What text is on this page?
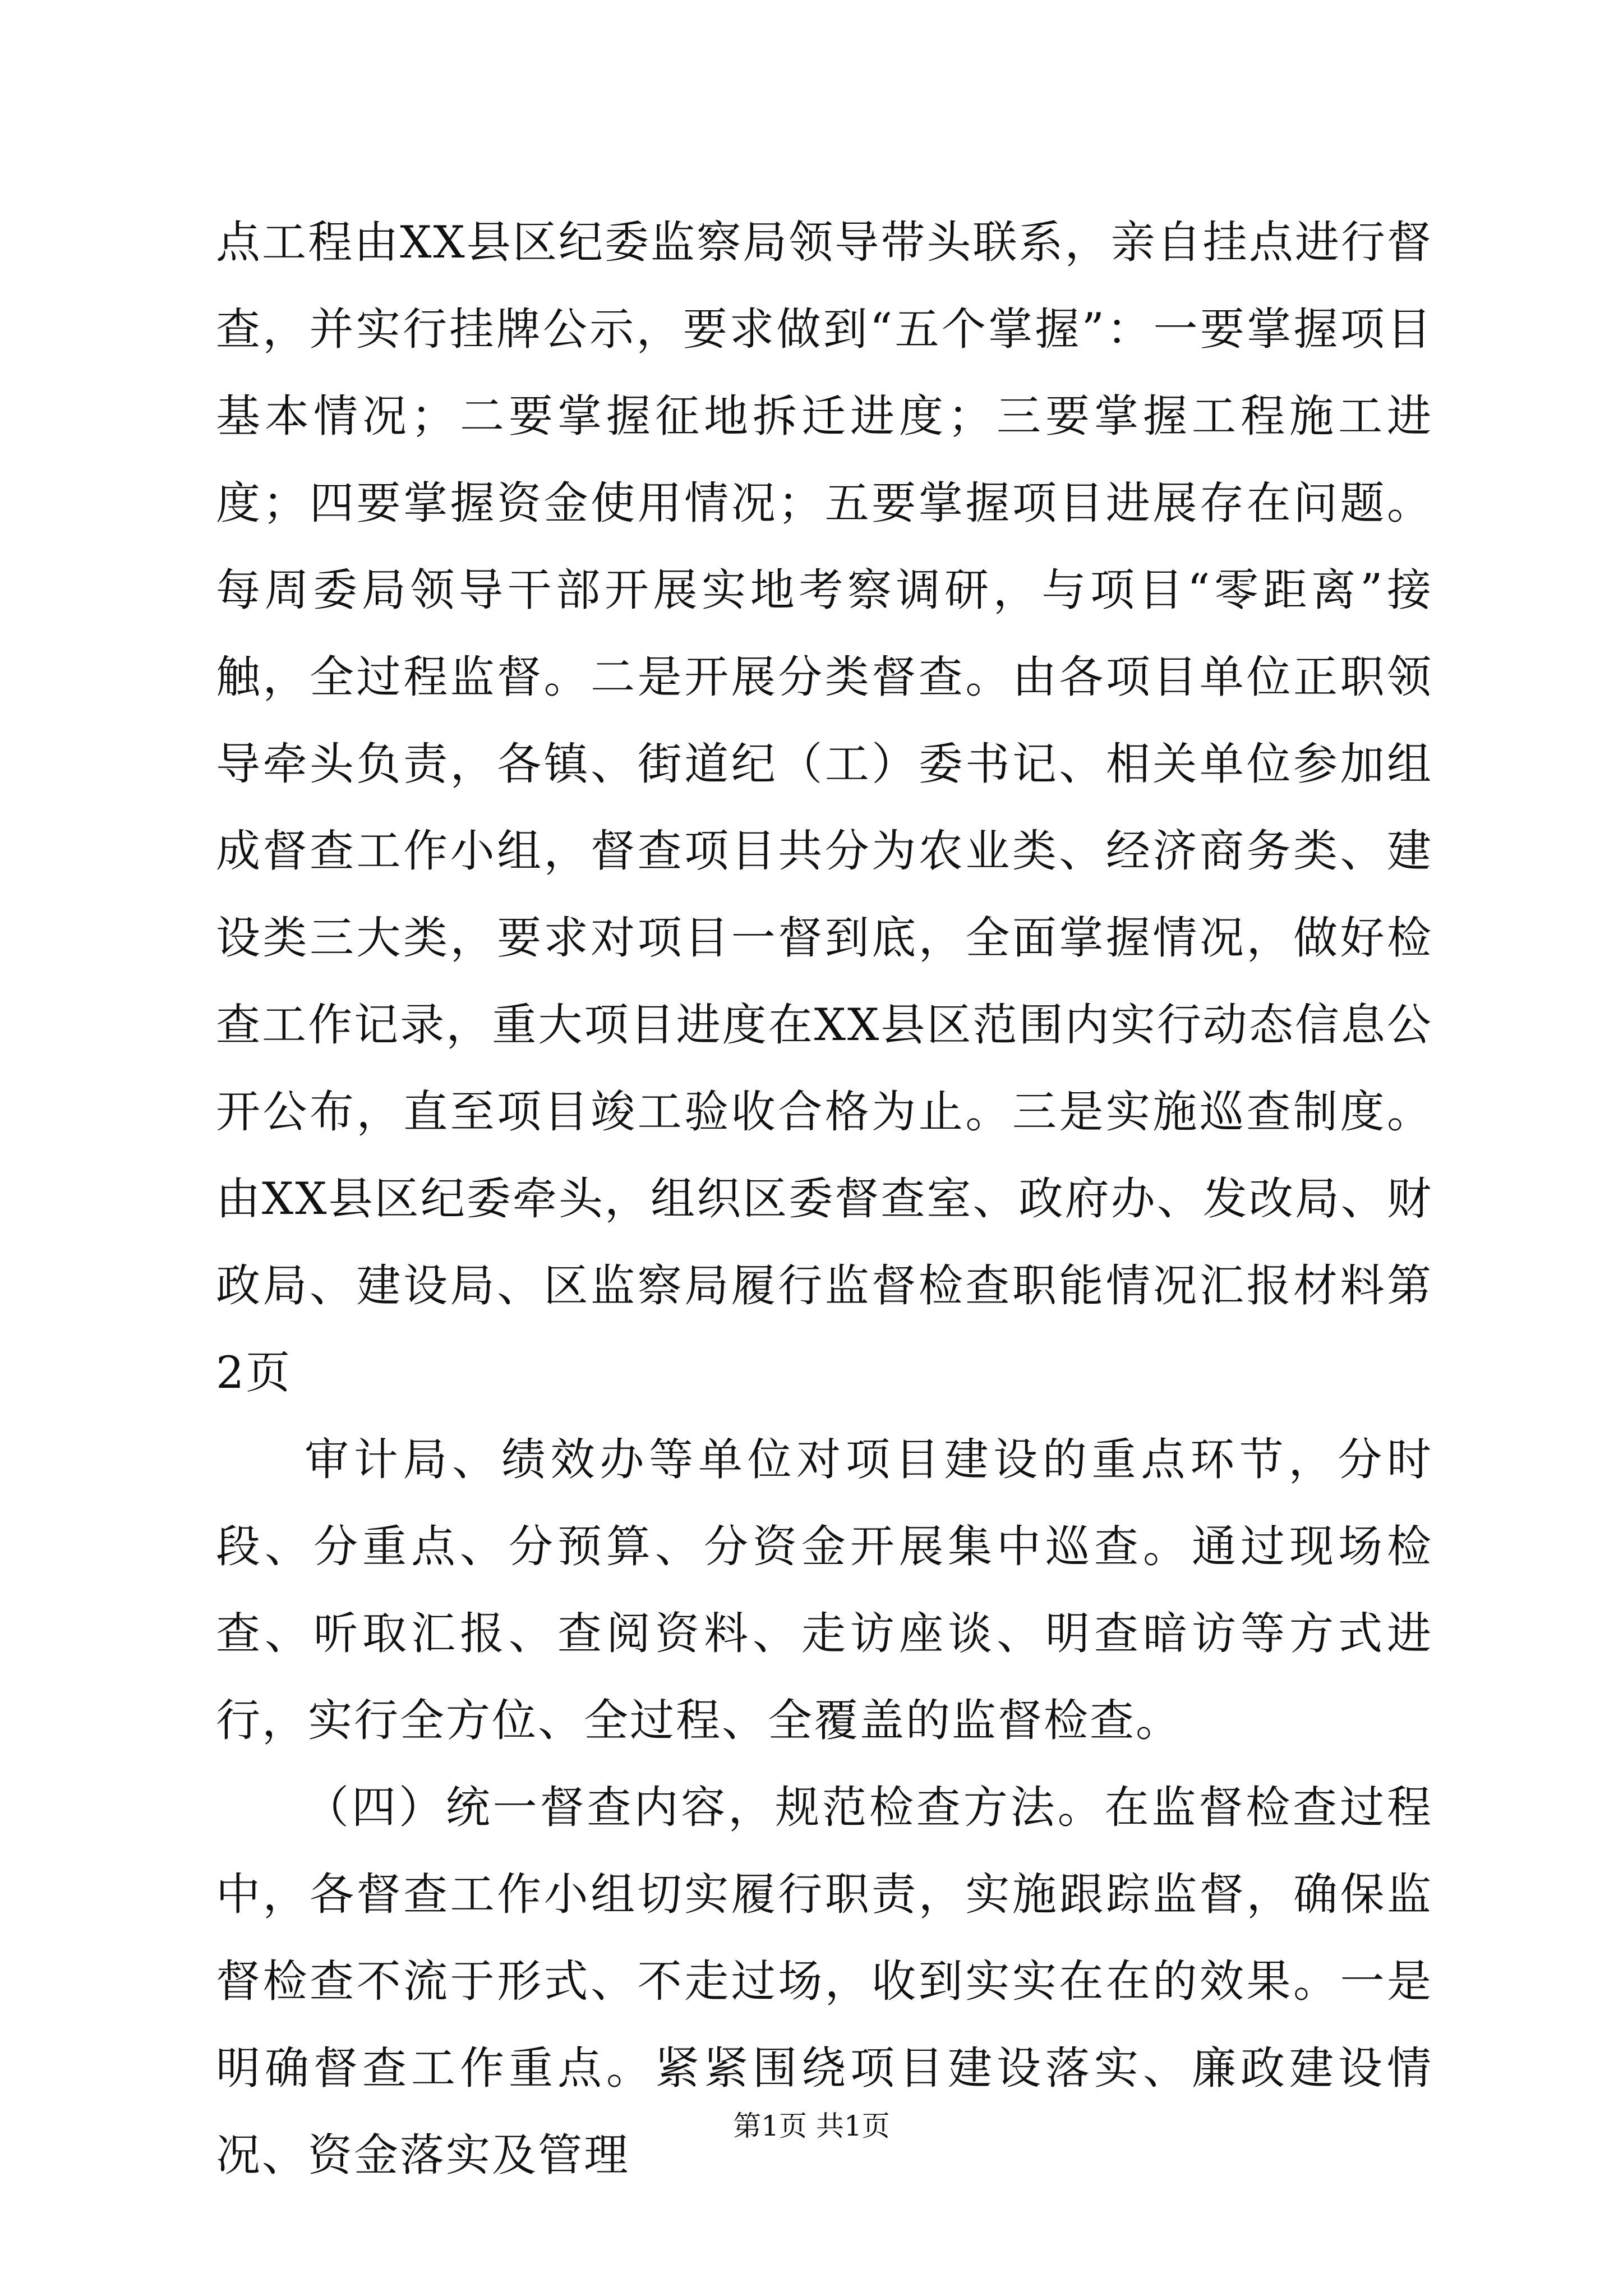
点工程由XX县区纪委监察局领导带头联系，亲自挂点进行督查，并实行挂牌公示，要求做到“五个掌握”：一要掌握项目基本情况；二要掌握征地拆迁进度；三要掌握工程施工进度；四要掌握资金使用情况；五要掌握项目进展存在问题。每周委局领导干部开展实地考察调研，与项目“零距离”接触，全过程监督。二是开展分类督查。由各项目单位正职领导牵头负责，各镇、街道纪（工）委书记、相关单位参加组成督查工作小组，督查项目共分为农业类、经济商务类、建设类三大类，要求对项目一督到底，全面掌握情况，做好检查工作记录，重大项目进度在XX县区范围内实行动态信息公开公布，直至项目竣工验收合格为止。三是实施巡查制度。由XX县区纪委牵头，组织区委督查室、政府办、发改局、财政局、建设局、区监察局履行监督检查职能情况汇报材料第2页

审计局、绩效办等单位对项目建设的重点环节，分时段、分重点、分预算、分资金开展集中巡查。通过现场检查、听取汇报、查阅资料、走访座谈、明查暗访等方式进行，实行全方位、全过程、全覆盖的监督检查。

（四）统一督查内容，规范检查方法。在监督检查过程中，各督查工作小组切实履行职责，实施跟踪监督，确保监督检查不流于形式、不走过场，收到实实在在的效果。一是明确督查工作重点。紧紧围绕项目建设落实、廉政建设情况、资金落实及管理

第1页 共1页
